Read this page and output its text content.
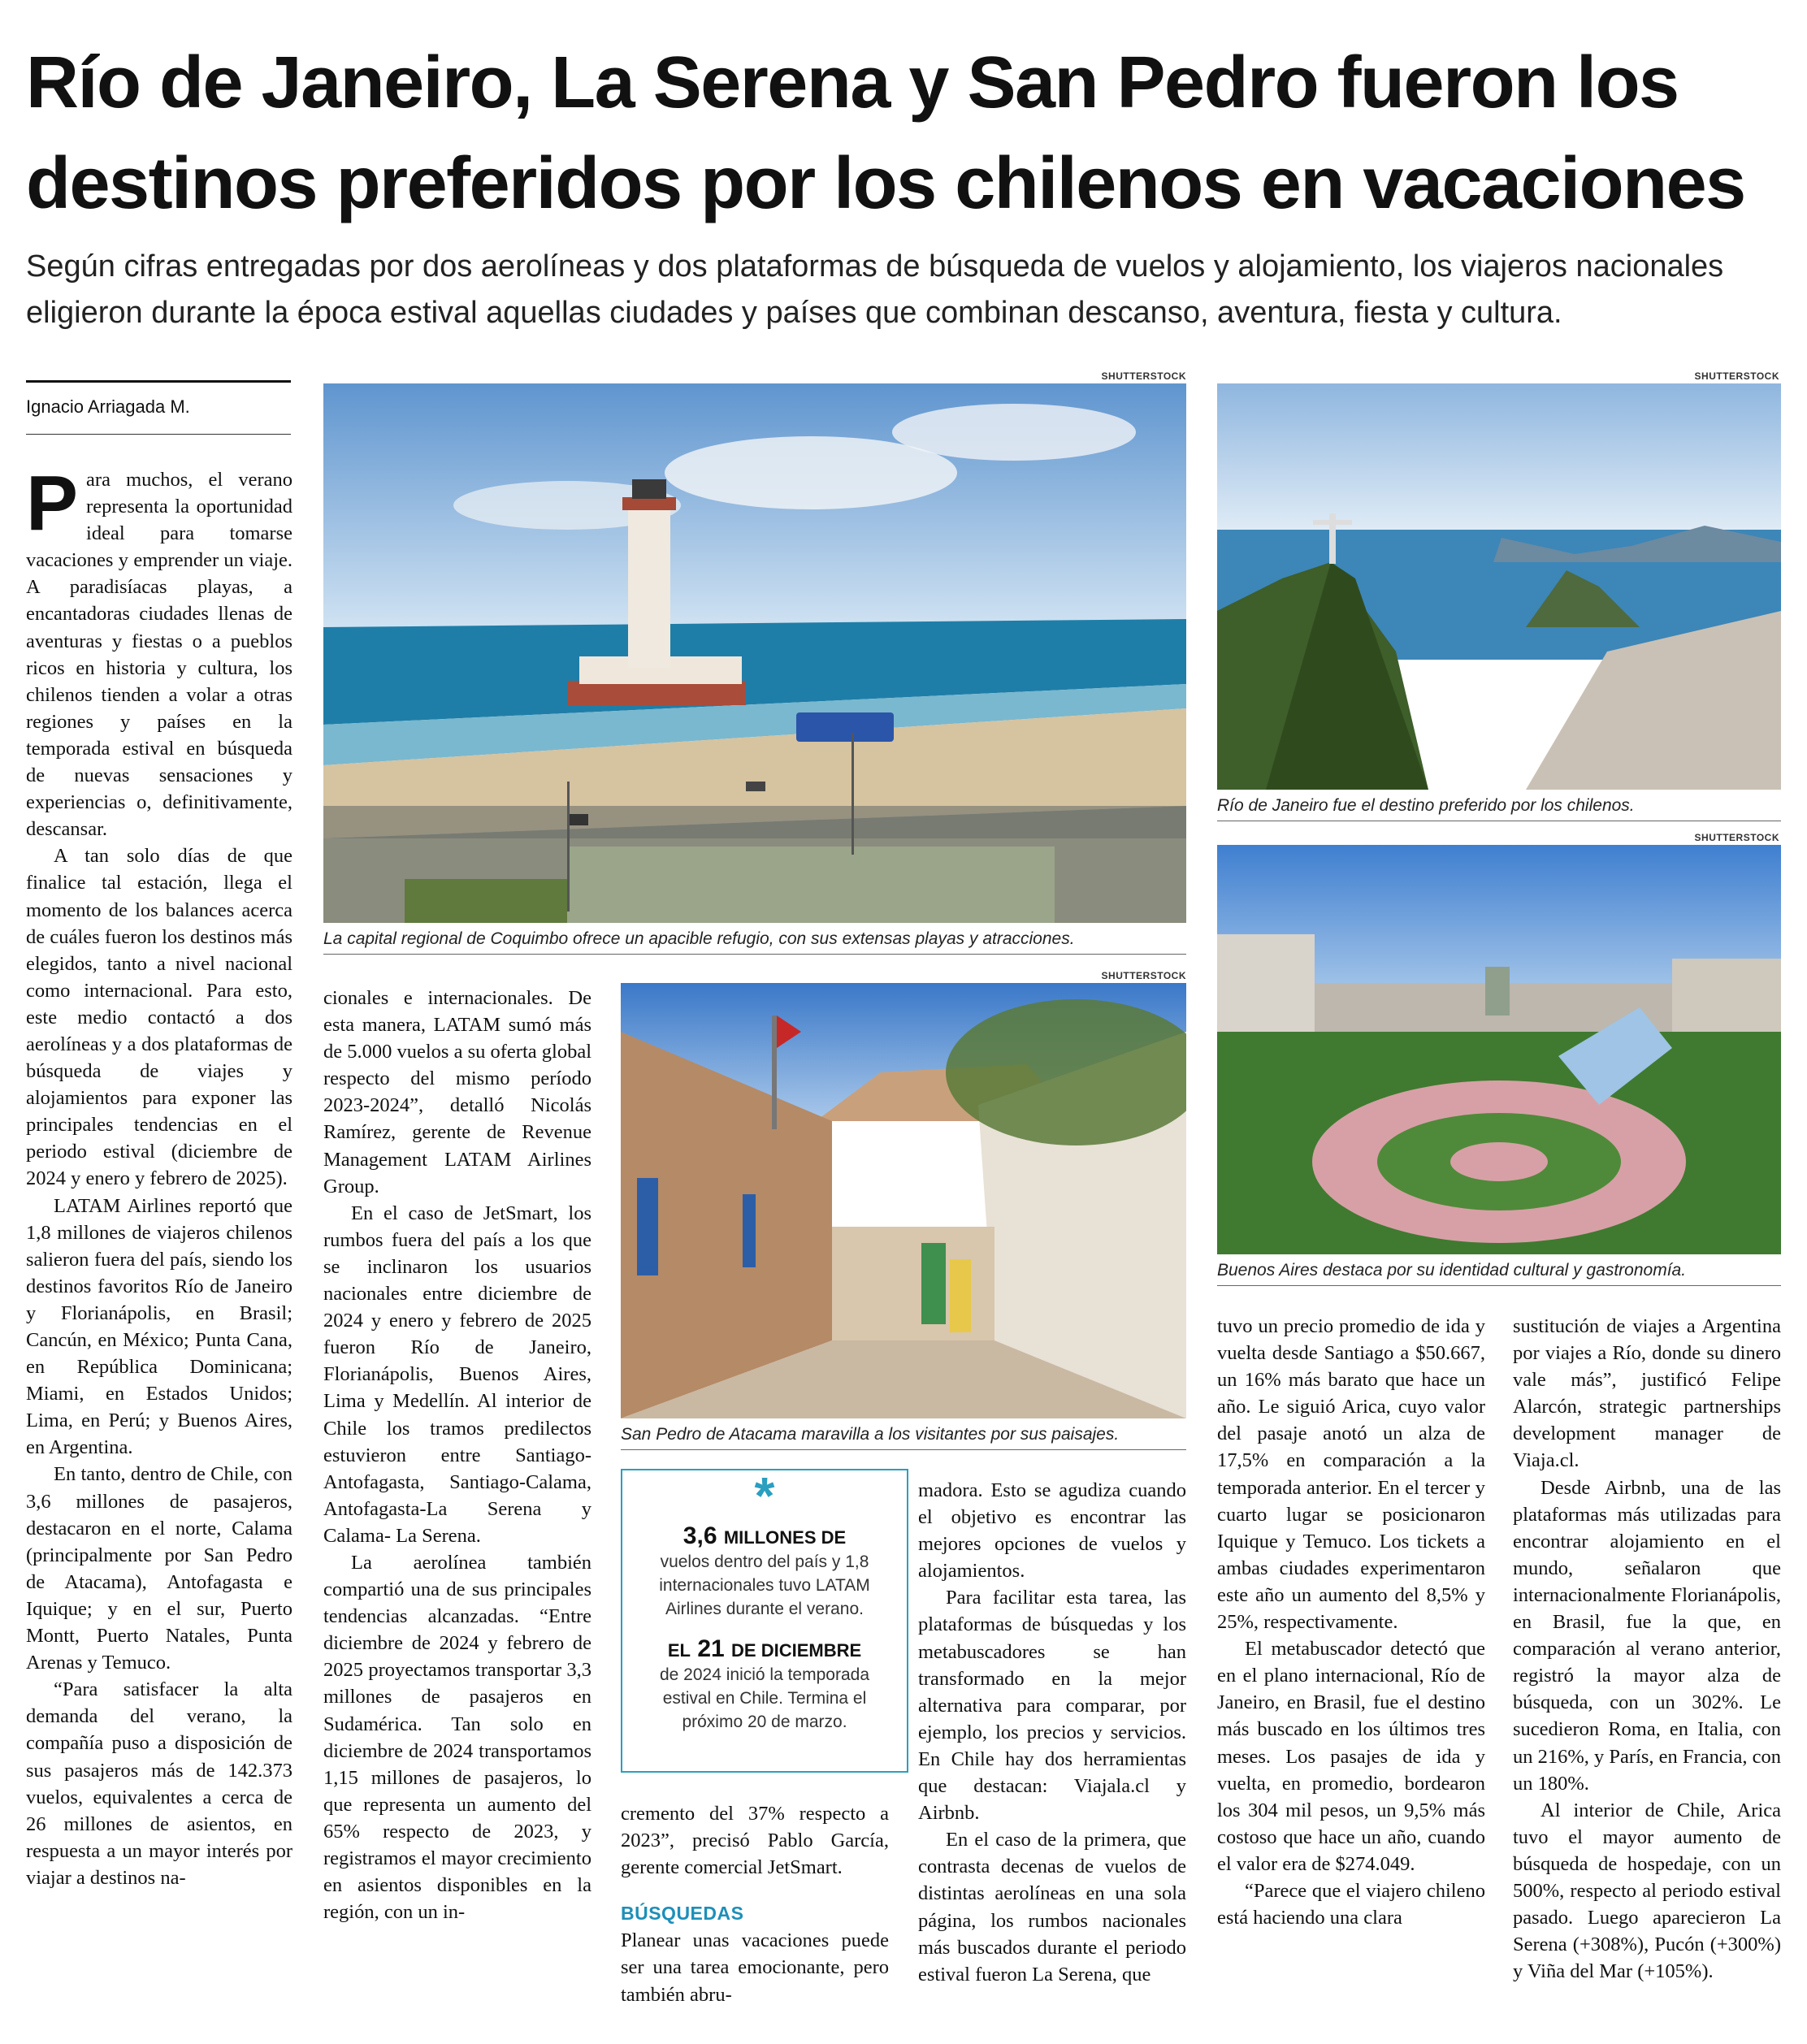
Río de Janeiro, La Serena y San Pedro fueron los destinos preferidos por los chilenos en vacaciones
Según cifras entregadas por dos aerolíneas y dos plataformas de búsqueda de vuelos y alojamiento, los viajeros nacionales eligieron durante la época estival aquellas ciudades y países que combinan descanso, aventura, fiesta y cultura.
Ignacio Arriagada M.

Para muchos, el verano representa la oportunidad ideal para tomarse vacaciones y emprender un viaje. A paradisíacas playas, a encantadoras ciudades llenas de aventuras y fiestas o a pueblos ricos en historia y cultura, los chilenos tienden a volar a otras regiones y países en la temporada estival en búsqueda de nuevas sensaciones y experiencias o, definitivamente, descansar.

A tan solo días de que finalice tal estación, llega el momento de los balances acerca de cuáles fueron los destinos más elegidos, tanto a nivel nacional como internacional. Para esto, este medio contactó a dos aerolíneas y a dos plataformas de búsqueda de viajes y alojamientos para exponer las principales tendencias en el periodo estival (diciembre de 2024 y enero y febrero de 2025).

LATAM Airlines reportó que 1,8 millones de viajeros chilenos salieron fuera del país, siendo los destinos favoritos Río de Janeiro y Florianápolis, en Brasil; Cancún, en México; Punta Cana, en República Dominicana; Miami, en Estados Unidos; Lima, en Perú; y Buenos Aires, en Argentina.

En tanto, dentro de Chile, con 3,6 millones de pasajeros, destacaron en el norte, Calama (principalmente por San Pedro de Atacama), Antofagasta e Iquique; y en el sur, Puerto Montt, Puerto Natales, Punta Arenas y Temuco.

“Para satisfacer la alta demanda del verano, la compañía puso a disposición de sus pasajeros más de 142.373 vuelos, equivalentes a cerca de 26 millones de asientos, en respuesta a un mayor interés por viajar a destinos na-

SHUTTERSTOCK
La capital regional de Coquimbo ofrece un apacible refugio, con sus extensas playas y atracciones.
SHUTTERSTOCK
Río de Janeiro fue el destino preferido por los chilenos.
SHUTTERSTOCK
Buenos Aires destaca por su identidad cultural y gastronomía.
SHUTTERSTOCK
San Pedro de Atacama maravilla a los visitantes por sus paisajes.

cionales e internacionales. De esta manera, LATAM sumó más de 5.000 vuelos a su oferta global respecto del mismo período 2023-2024”, detalló Nicolás Ramírez, gerente de Revenue Management LATAM Airlines Group.

En el caso de JetSmart, los rumbos fuera del país a los que se inclinaron los usuarios nacionales entre diciembre de 2024 y enero y febrero de 2025 fueron Río de Janeiro, Florianápolis, Buenos Aires, Lima y Medellín. Al interior de Chile los tramos predilectos estuvieron entre Santiago-Antofagasta, Santiago-Calama, Antofagasta-La Serena y Calama- La Serena.

La aerolínea también compartió una de sus principales tendencias alcanzadas. “Entre diciembre de 2024 y febrero de 2025 proyectamos transportar 3,3 millones de pasajeros en Sudamérica. Tan solo en diciembre de 2024 transportamos 1,15 millones de pasajeros, lo que representa un aumento del 65% respecto de 2023, y registramos el mayor crecimiento en asientos disponibles en la región, con un in-

*
3,6 MILLONES DE
vuelos dentro del país y 1,8 internacionales tuvo LATAM Airlines durante el verano.
EL 21 DE DICIEMBRE
de 2024 inició la temporada estival en Chile. Termina el próximo 20 de marzo.

cremento del 37% respecto a 2023”, precisó Pablo García, gerente comercial JetSmart.

BÚSQUEDAS

Planear unas vacaciones puede ser una tarea emocionante, pero también abru-

madora. Esto se agudiza cuando el objetivo es encontrar las mejores opciones de vuelos y alojamientos.

Para facilitar esta tarea, las plataformas de búsquedas y los metabuscadores se han transformado en la mejor alternativa para comparar, por ejemplo, los precios y servicios. En Chile hay dos herramientas que destacan: Viajala.cl y Airbnb.

En el caso de la primera, que contrasta decenas de vuelos de distintas aerolíneas en una sola página, los rumbos nacionales más buscados durante el periodo estival fueron La Serena, que

tuvo un precio promedio de ida y vuelta desde Santiago a $50.667, un 16% más barato que hace un año. Le siguió Arica, cuyo valor del pasaje anotó un alza de 17,5% en comparación a la temporada anterior. En el tercer y cuarto lugar se posicionaron Iquique y Temuco. Los tickets a ambas ciudades experimentaron este año un aumento del 8,5% y 25%, respectivamente.

El metabuscador detectó que en el plano internacional, Río de Janeiro, en Brasil, fue el destino más buscado en los últimos tres meses. Los pasajes de ida y vuelta, en promedio, bordearon los 304 mil pesos, un 9,5% más costoso que hace un año, cuando el valor era de $274.049.

“Parece que el viajero chileno está haciendo una clara

sustitución de viajes a Argentina por viajes a Río, donde su dinero vale más”, justificó Felipe Alarcón, strategic partnerships development manager de Viaja.cl.

Desde Airbnb, una de las plataformas más utilizadas para encontrar alojamiento en el mundo, señalaron que internacionalmente Florianápolis, en Brasil, fue la que, en comparación al verano anterior, registró la mayor alza de búsqueda, con un 302%. Le sucedieron Roma, en Italia, con un 216%, y París, en Francia, con un 180%.

Al interior de Chile, Arica tuvo el mayor aumento de búsqueda de hospedaje, con un 500%, respecto al periodo estival pasado. Luego aparecieron La Serena (+308%), Pucón (+300%) y Viña del Mar (+105%).
